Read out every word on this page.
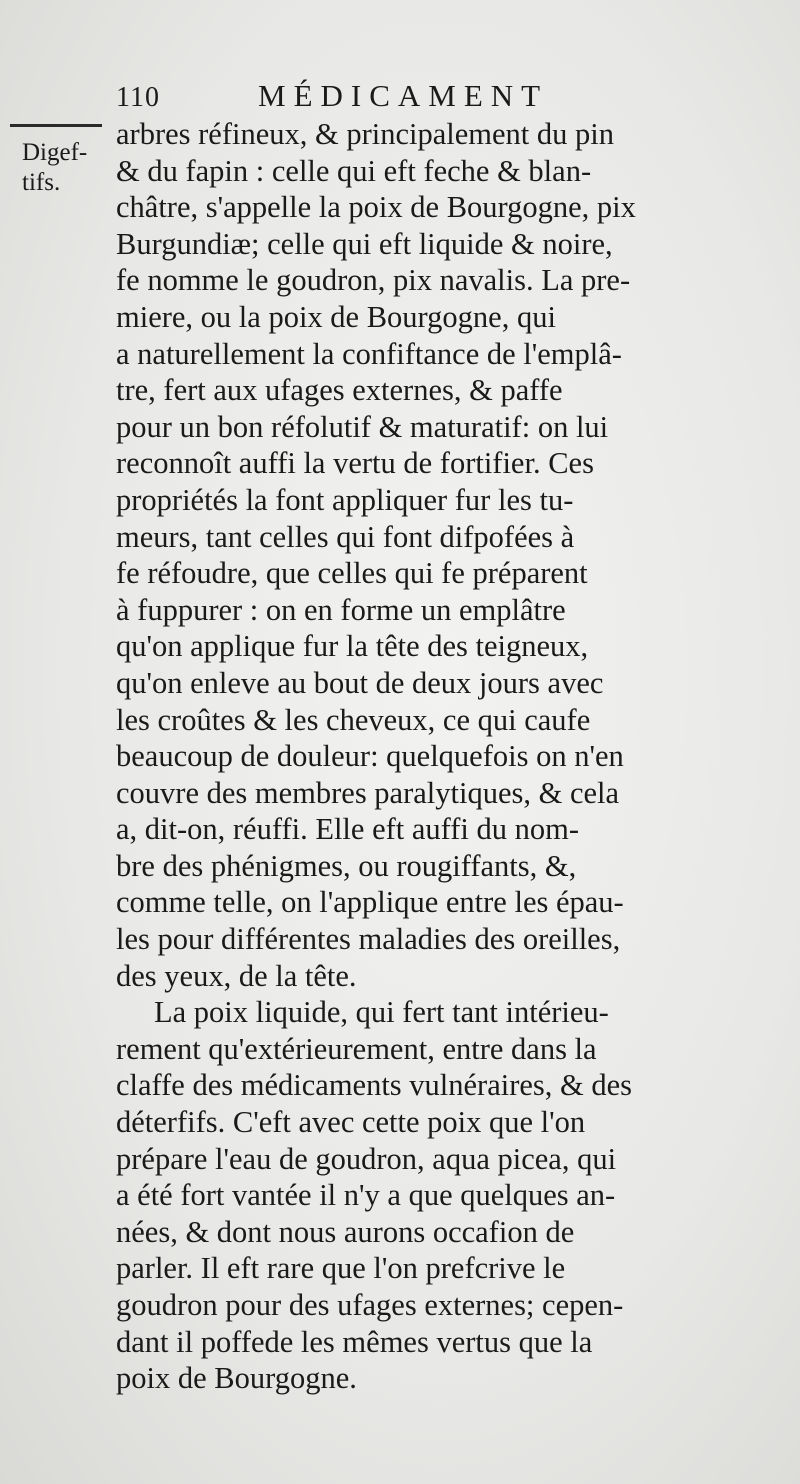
110	MÉDICAMENT
Digef-
tifs.
arbres réfineux, & principalement du pin
& du fapin : celle qui eft feche & blan-
châtre, s'appelle la poix de Bourgogne, pix
Burgundiæ; celle qui eft liquide & noire,
fe nomme le goudron, pix navalis. La pre-
miere, ou la poix de Bourgogne, qui
a naturellement la confiftance de l'emplâ-
tre, fert aux ufages externes, & paffe
pour un bon réfolutif & maturatif: on lui
reconnoît auffi la vertu de fortifier. Ces
propriétés la font appliquer fur les tu-
meurs, tant celles qui font difpofées à
fe réfoudre, que celles qui fe préparent
à fuppurer : on en forme un emplâtre
qu'on applique fur la tête des teigneux,
qu'on enleve au bout de deux jours avec
les croûtes & les cheveux, ce qui caufe
beaucoup de douleur: quelquefois on n'en
couvre des membres paralytiques, & cela
a, dit-on, réuffi. Elle eft auffi du nom-
bre des phénigmes, ou rougiffants, &,
comme telle, on l'applique entre les épau-
les pour différentes maladies des oreilles,
des yeux, de la tête.
La poix liquide, qui fert tant intérieu-
rement qu'extérieurement, entre dans la
claffe des médicaments vulnéraires, & des
déterfifs. C'eft avec cette poix que l'on
prépare l'eau de goudron, aqua picea, qui
a été fort vantée il n'y a que quelques an-
nées, & dont nous aurons occafion de
parler. Il eft rare que l'on prefcrive le
goudron pour des ufages externes; cepen-
dant il poffede les mêmes vertus que la
poix de Bourgogne.
